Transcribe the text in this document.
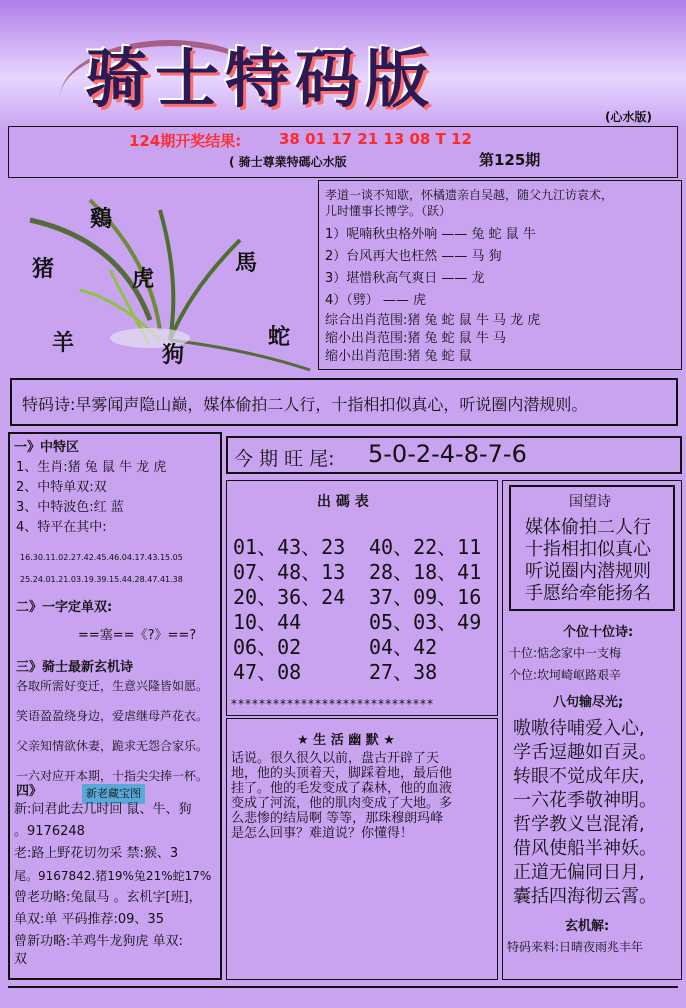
骑士特码版	(心水版)
124期开奖结果:	38 01 17 21 13 08 T 12
( 骑士尊業特碼心水版	第125期
鷄
猪	虎
馬
羊	狗
蛇
孝道一谈不知歇，怀橘遗亲自吴越，随父九江访袁术，
儿时懂事长博学。（跃）
1）呢喃秋虫格外响 —— 兔 蛇 鼠 牛
2）台风再大也枉然 —— 马 狗
3）堪惜秋高气爽日 —— 龙
4）（劈） —— 虎
综合出肖范围:猪 兔 蛇 鼠 牛 马 龙 虎
缩小出肖范围:猪 兔 蛇 鼠 牛 马
缩小出肖范围:猪 兔 蛇 鼠
特码诗:早雾闻声隐山巅，媒体偷拍二人行，十指相扣似真心，听说圈内潜规则。
一》中特区
1、生肖:猪 兔 鼠 牛 龙 虎
2、中特单双:双
3、中特波色:红 蓝
4、特平在其中:
16.30.11.02.27.42.45.46.04.17.43.15.05
25.24.01.21.03.19.39.15.44.28.47.41.38
二》一字定单双:
==塞==《?》==?
三》骑士最新玄机诗
各取所需好变迁，生意兴隆皆如愿。
笑语盈盈绕身边，爱虐继母芦花衣。
父亲知情欲休妻，跪求无怨合家乐。
一六对应开本期，十指尖尖捧一杯。
四》	新老藏宝图
新:问君此去几时回 鼠、牛、狗
。9176248
老:路上野花切勿采 禁:猴、3
尾。9167842.猪19%兔21%蛇17%
曾老功略:兔鼠马 。玄机字[班]，
单双:单 平码推荐:09、35
曾新功略:羊鸡牛龙狗虎 单双:
双
今 期 旺 尾: 5-0-2-4-8-7-6
出 碼 表
01、43、23 40、22、11
07、48、13 28、18、41
20、36、24 37、09、16
10、44	05、03、49
06、02	04、42
47、08	27、38
*****************************
★ 生 活 幽 默 ★
话说。很久很久以前，盘古开辟了天
地，他的头顶着天，脚踩着地，最后他
挂了。他的毛发变成了森林，他的血液
变成了河流，他的肌肉变成了大地。多
么悲惨的结局啊 等等，那珠穆朗玛峰
是怎么回事？难道说？你懂得！
国望诗
媒体偷拍二人行
十指相扣似真心
听说圈内潜规则
手愿给牵能扬名
个位十位诗:
十位:惦念家中一支梅
个位:坎坷崎岖路艰辛
八句输尽光;
嗷嗷待哺爱入心,
学舌逗趣如百灵。
转眼不觉成年庆,
一六花季敬神明。
哲学教义岂混淆,
借风使船半神妖。
正道无偏同日月,
囊括四海彻云霄。
玄机解:
特码来料:日晴夜雨兆丰年
